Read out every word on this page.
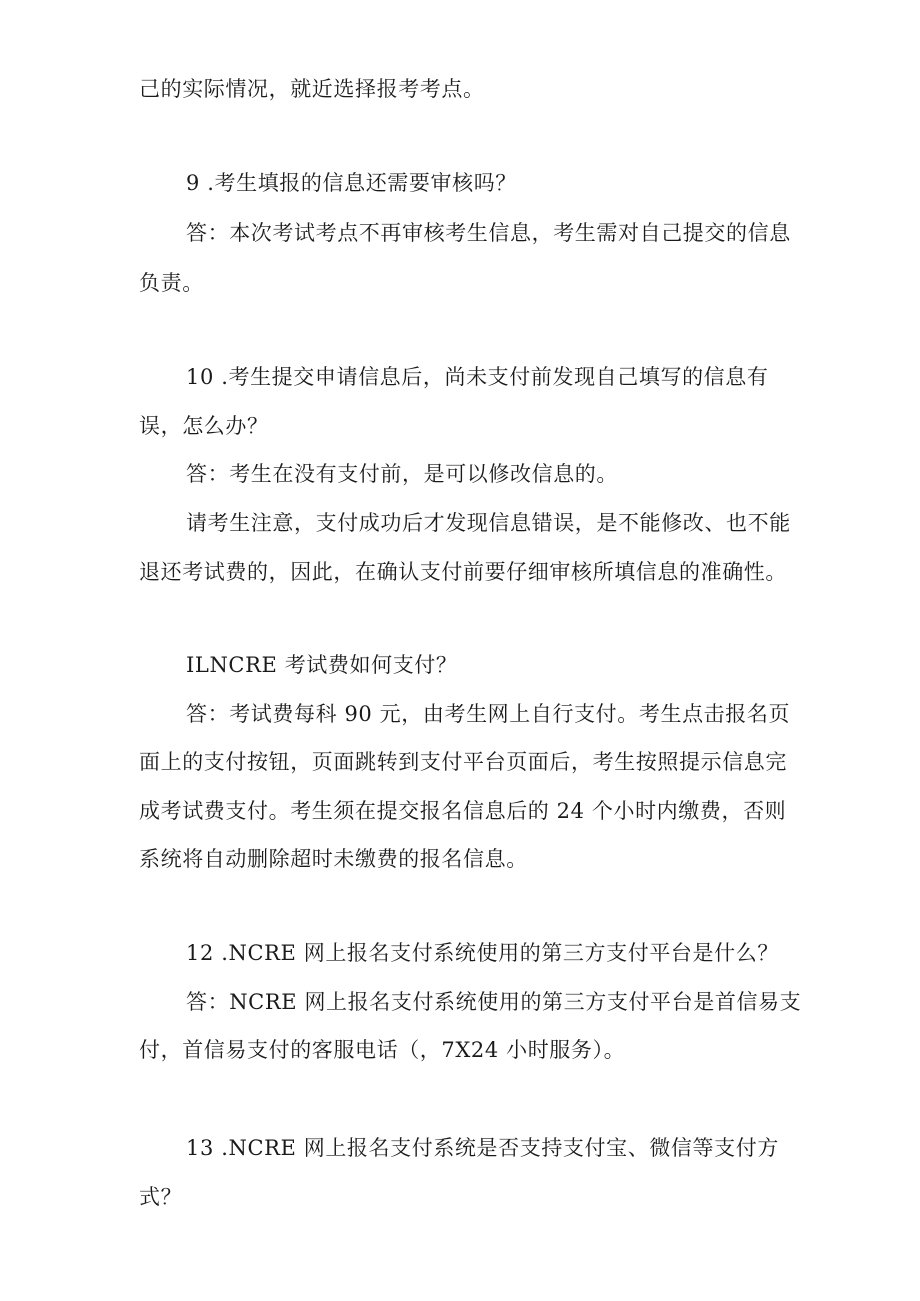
己的实际情况，就近选择报考考点。

9 .考生填报的信息还需要审核吗？

答：本次考试考点不再审核考生信息，考生需对自己提交的信息

负责。

10 .考生提交申请信息后，尚未支付前发现自己填写的信息有

误，怎么办？

答：考生在没有支付前，是可以修改信息的。

请考生注意，支付成功后才发现信息错误，是不能修改、也不能

退还考试费的，因此，在确认支付前要仔细审核所填信息的准确性。

ILNCRE 考试费如何支付？

答：考试费每科 90 元，由考生网上自行支付。考生点击报名页

面上的支付按钮，页面跳转到支付平台页面后，考生按照提示信息完

成考试费支付。考生须在提交报名信息后的 24 个小时内缴费，否则

系统将自动删除超时未缴费的报名信息。

12 .NCRE 网上报名支付系统使用的第三方支付平台是什么？

答：NCRE 网上报名支付系统使用的第三方支付平台是首信易支

付，首信易支付的客服电话（，7X24 小时服务）。

13 .NCRE 网上报名支付系统是否支持支付宝、微信等支付方

式？
